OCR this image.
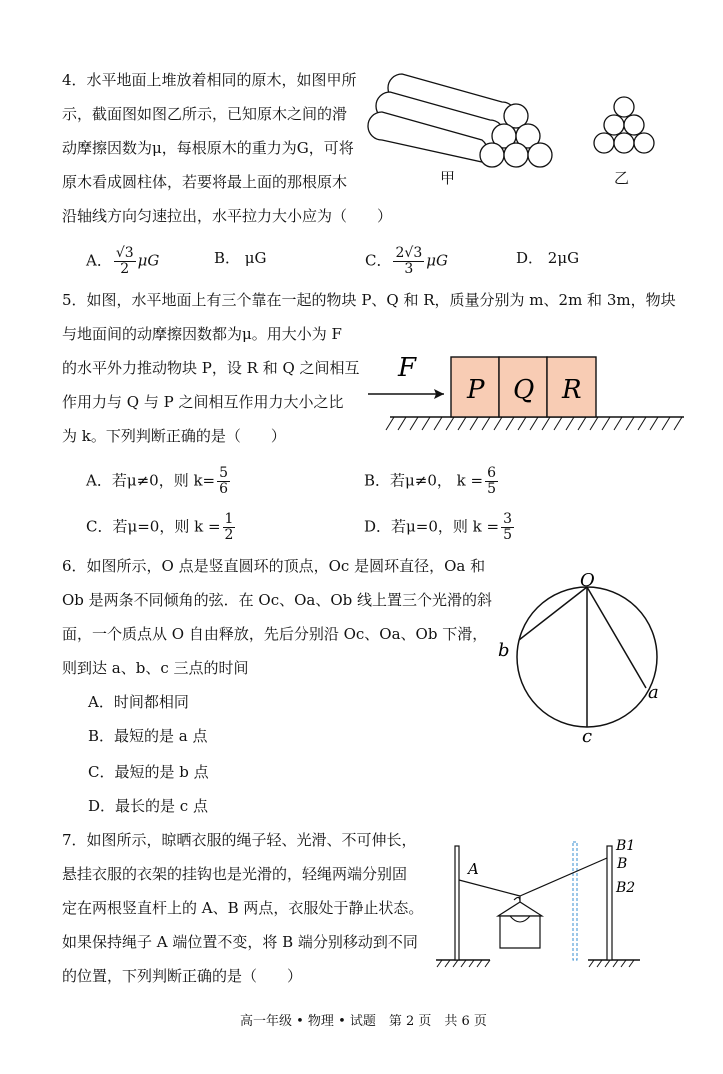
4．水平地面上堆放着相同的原木，如图甲所
示，截面图如图乙所示，已知原木之间的滑
动摩擦因数为μ，每根原木的重力为G，可将
原木看成圆柱体，若要将最上面的那根原木
沿轴线方向匀速拉出，水平拉力大小应为（　　）
甲	乙
A． $\frac{√3}{2}$ μG	B． μG	C． $\frac{2√3}{3}$ μG	D． 2μG
5．如图，水平地面上有三个靠在一起的物块 P、Q 和 R，质量分别为 m、2m 和 3m，物块
与地面间的动摩擦因数都为μ。用大小为 F
的水平外力推动物块 P，设 R 和 Q 之间相互
作用力与 Q 与 P 之间相互作用力大小之比
为 k。下列判断正确的是（　　）
F
P Q R
A．若μ≠0，则 $k= \frac{5}{6}$	B．若μ≠0， $k = \frac{6}{5}$
C．若μ=0，则 $k = \frac{1}{2}$	D．若μ=0，则 $k = \frac{3}{5}$
6．如图所示，O 点是竖直圆环的顶点，Oc 是圆环直径，Oa 和
Ob 是两条不同倾角的弦．在 Oc、Oa、Ob 线上置三个光滑的斜
面，一个质点从 O 自由释放，先后分别沿 Oc、Oa、Ob 下滑，
则到达 a、b、c 三点的时间
A．时间都相同
B．最短的是 a 点
C．最短的是 b 点
D．最长的是 c 点
O
a
b
c
7．如图所示，晾晒衣服的绳子轻、光滑、不可伸长，
悬挂衣服的衣架的挂钩也是光滑的，轻绳两端分别固
定在两根竖直杆上的 A、B 两点，衣服处于静止状态。
如果保持绳子 A 端位置不变，将 B 端分别移动到不同
的位置，下列判断正确的是（　　）
A
B1
B
B2
高一年级 • 物理 • 试题　第 2 页　共 6 页
